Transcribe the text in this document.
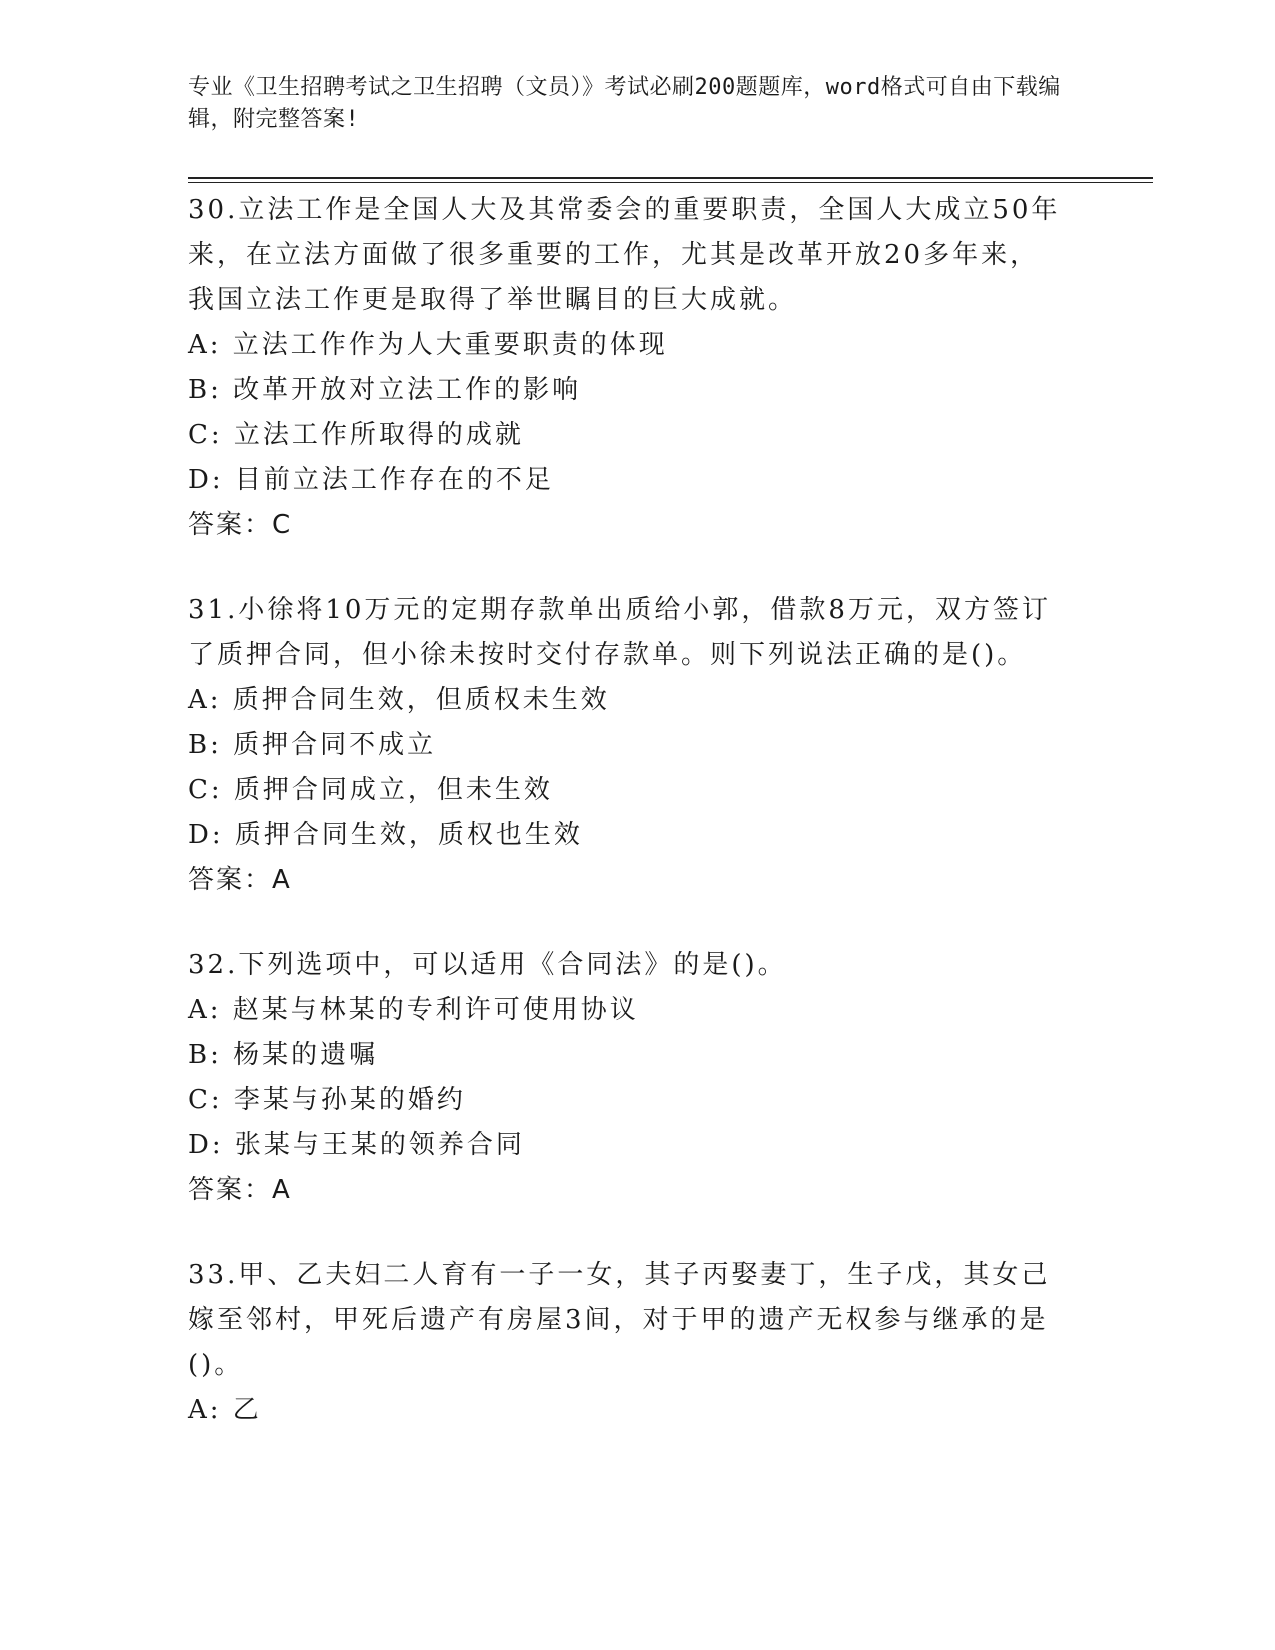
专业《卫生招聘考试之卫生招聘（文员）》考试必刷200题题库，word格式可自由下载编辑，附完整答案!

30.立法工作是全国人大及其常委会的重要职责，全国人大成立50年来，在立法方面做了很多重要的工作，尤其是改革开放20多年来，我国立法工作更是取得了举世瞩目的巨大成就。

A: 立法工作作为人大重要职责的体现

B: 改革开放对立法工作的影响

C: 立法工作所取得的成就

D: 目前立法工作存在的不足

答案：C

31.小徐将10万元的定期存款单出质给小郭，借款8万元，双方签订了质押合同，但小徐未按时交付存款单。则下列说法正确的是()。

A: 质押合同生效，但质权未生效

B: 质押合同不成立

C: 质押合同成立，但未生效

D: 质押合同生效，质权也生效

答案：A

32.下列选项中，可以适用《合同法》的是()。

A: 赵某与林某的专利许可使用协议

B: 杨某的遗嘱

C: 李某与孙某的婚约

D: 张某与王某的领养合同

答案：A

33.甲、乙夫妇二人育有一子一女，其子丙娶妻丁，生子戊，其女己嫁至邻村，甲死后遗产有房屋3间，对于甲的遗产无权参与继承的是()。

A: 乙
